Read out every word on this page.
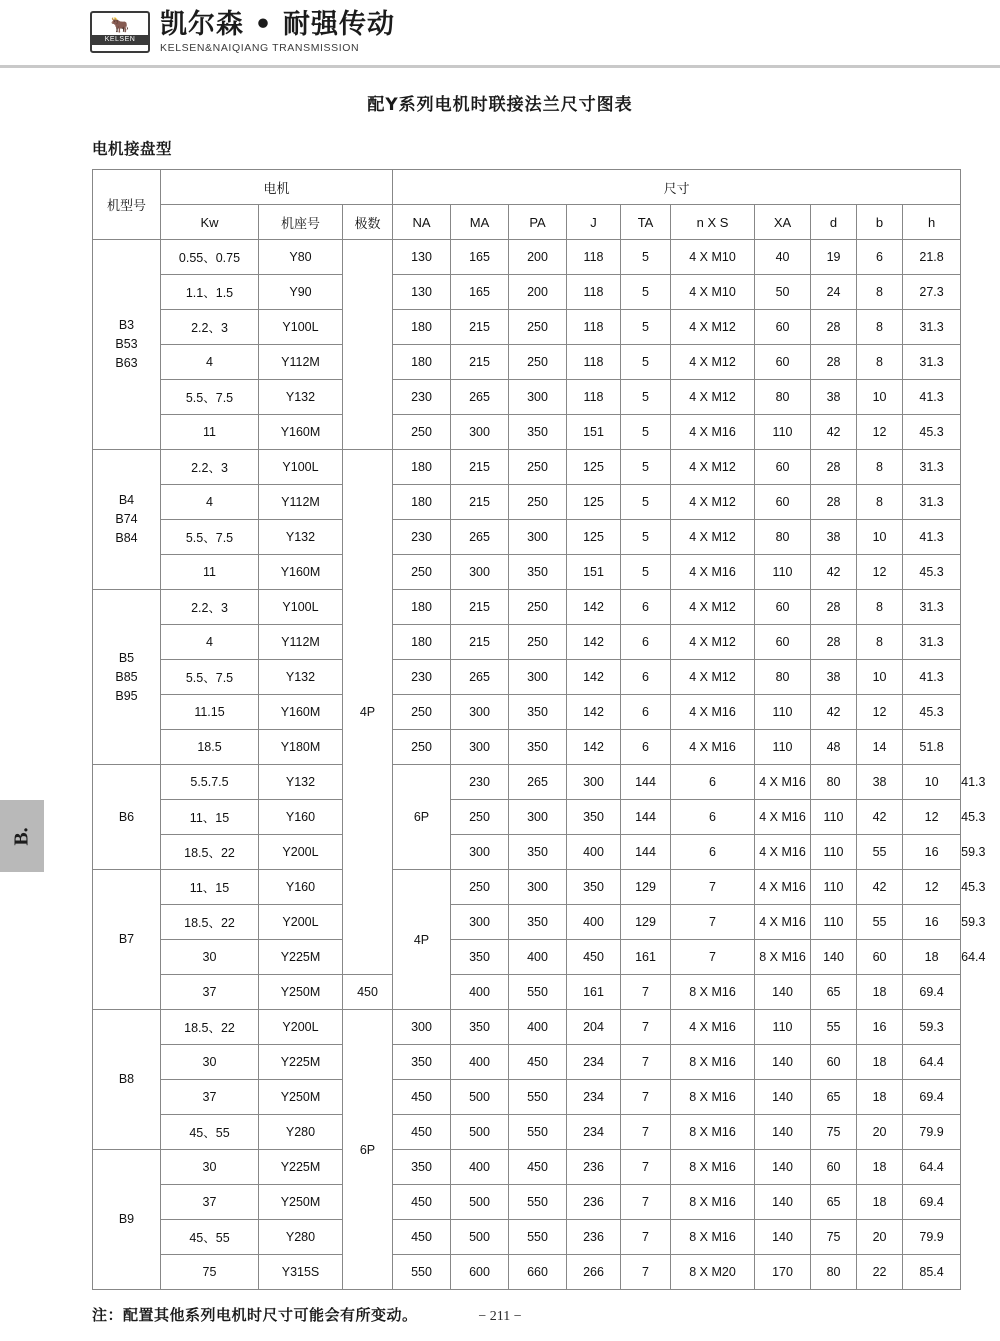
🐂
KELSEN 凯尔森 • 耐强传动
KELSEN&NAIQIANG TRANSMISSION
配Y系列电机时联接法兰尺寸图表
电机接盘型
B.
机型号	电机			尺寸										
	Kw	机座号	极数	NA	MA	PA	J	TA	n X S	XA	d	b	h	

B3
B53
B63	0.55、0.75	Y80		130	165	200	118	5	4 X M10	40	19	6	21.8	
	1.1、1.5	Y90		130	165	200	118	5	4 X M10	50	24	8	27.3	
	2.2、3	Y100L		180	215	250	118	5	4 X M12	60	28	8	31.3	
	4	Y112M		180	215	250	118	5	4 X M12	60	28	8	31.3	
	5.5、7.5	Y132		230	265	300	118	5	4 X M12	80	38	10	41.3	
	11	Y160M		250	300	350	151	5	4 X M16	110	42	12	45.3	

B4
B74
B84	2.2、3	Y100L	4P	180	215	250	125	5	4 X M12	60	28	8	31.3	
	4	Y112M		180	215	250	125	5	4 X M12	60	28	8	31.3	
	5.5、7.5	Y132		230	265	300	125	5	4 X M12	80	38	10	41.3	
	11	Y160M		250	300	350	151	5	4 X M16	110	42	12	45.3	

B5
B85
B95	2.2、3	Y100L		180	215	250	142	6	4 X M12	60	28	8	31.3	
	4	Y112M		180	215	250	142	6	4 X M12	60	28	8	31.3	
	5.5、7.5	Y132		230	265	300	142	6	4 X M12	80	38	10	41.3	
	11.15	Y160M		250	300	350	142	6	4 X M16	110	42	12	45.3	
	18.5	Y180M		250	300	350	142	6	4 X M16	110	48	14	51.8	

B6	5.5.7.5	Y132		6P	230	265	300	144	6	4 X M16	80	38	10	41.3
	11、15	Y160			250	300	350	144	6	4 X M16	110	42	12	45.3
	18.5、22	Y200L			300	350	400	144	6	4 X M16	110	55	16	59.3

B7	11、15	Y160		4P	250	300	350	129	7	4 X M16	110	42	12	45.3
	18.5、22	Y200L			300	350	400	129	7	4 X M16	110	55	16	59.3
	30	Y225M			350	400	450	161	7	8 X M16	140	60	18	64.4
	37	Y250M	450		400	550	161	7	8 X M16	140	65	18	69.4	

B8	18.5、22	Y200L	6P	300	350	400	204	7	4 X M16	110	55	16	59.3	
	30	Y225M		350	400	450	234	7	8 X M16	140	60	18	64.4	
	37	Y250M		450	500	550	234	7	8 X M16	140	65	18	69.4	
	45、55	Y280		450	500	550	234	7	8 X M16	140	75	20	79.9	

B9	30	Y225M		350	400	450	236	7	8 X M16	140	60	18	64.4	
	37	Y250M		450	500	550	236	7	8 X M16	140	65	18	69.4	
	45、55	Y280		450	500	550	236	7	8 X M16	140	75	20	79.9	
	75	Y315S		550	600	660	266	7	8 X M20	170	80	22	85.4	
注：配置其他系列电机时尺寸可能会有所变动。	− 211 −
